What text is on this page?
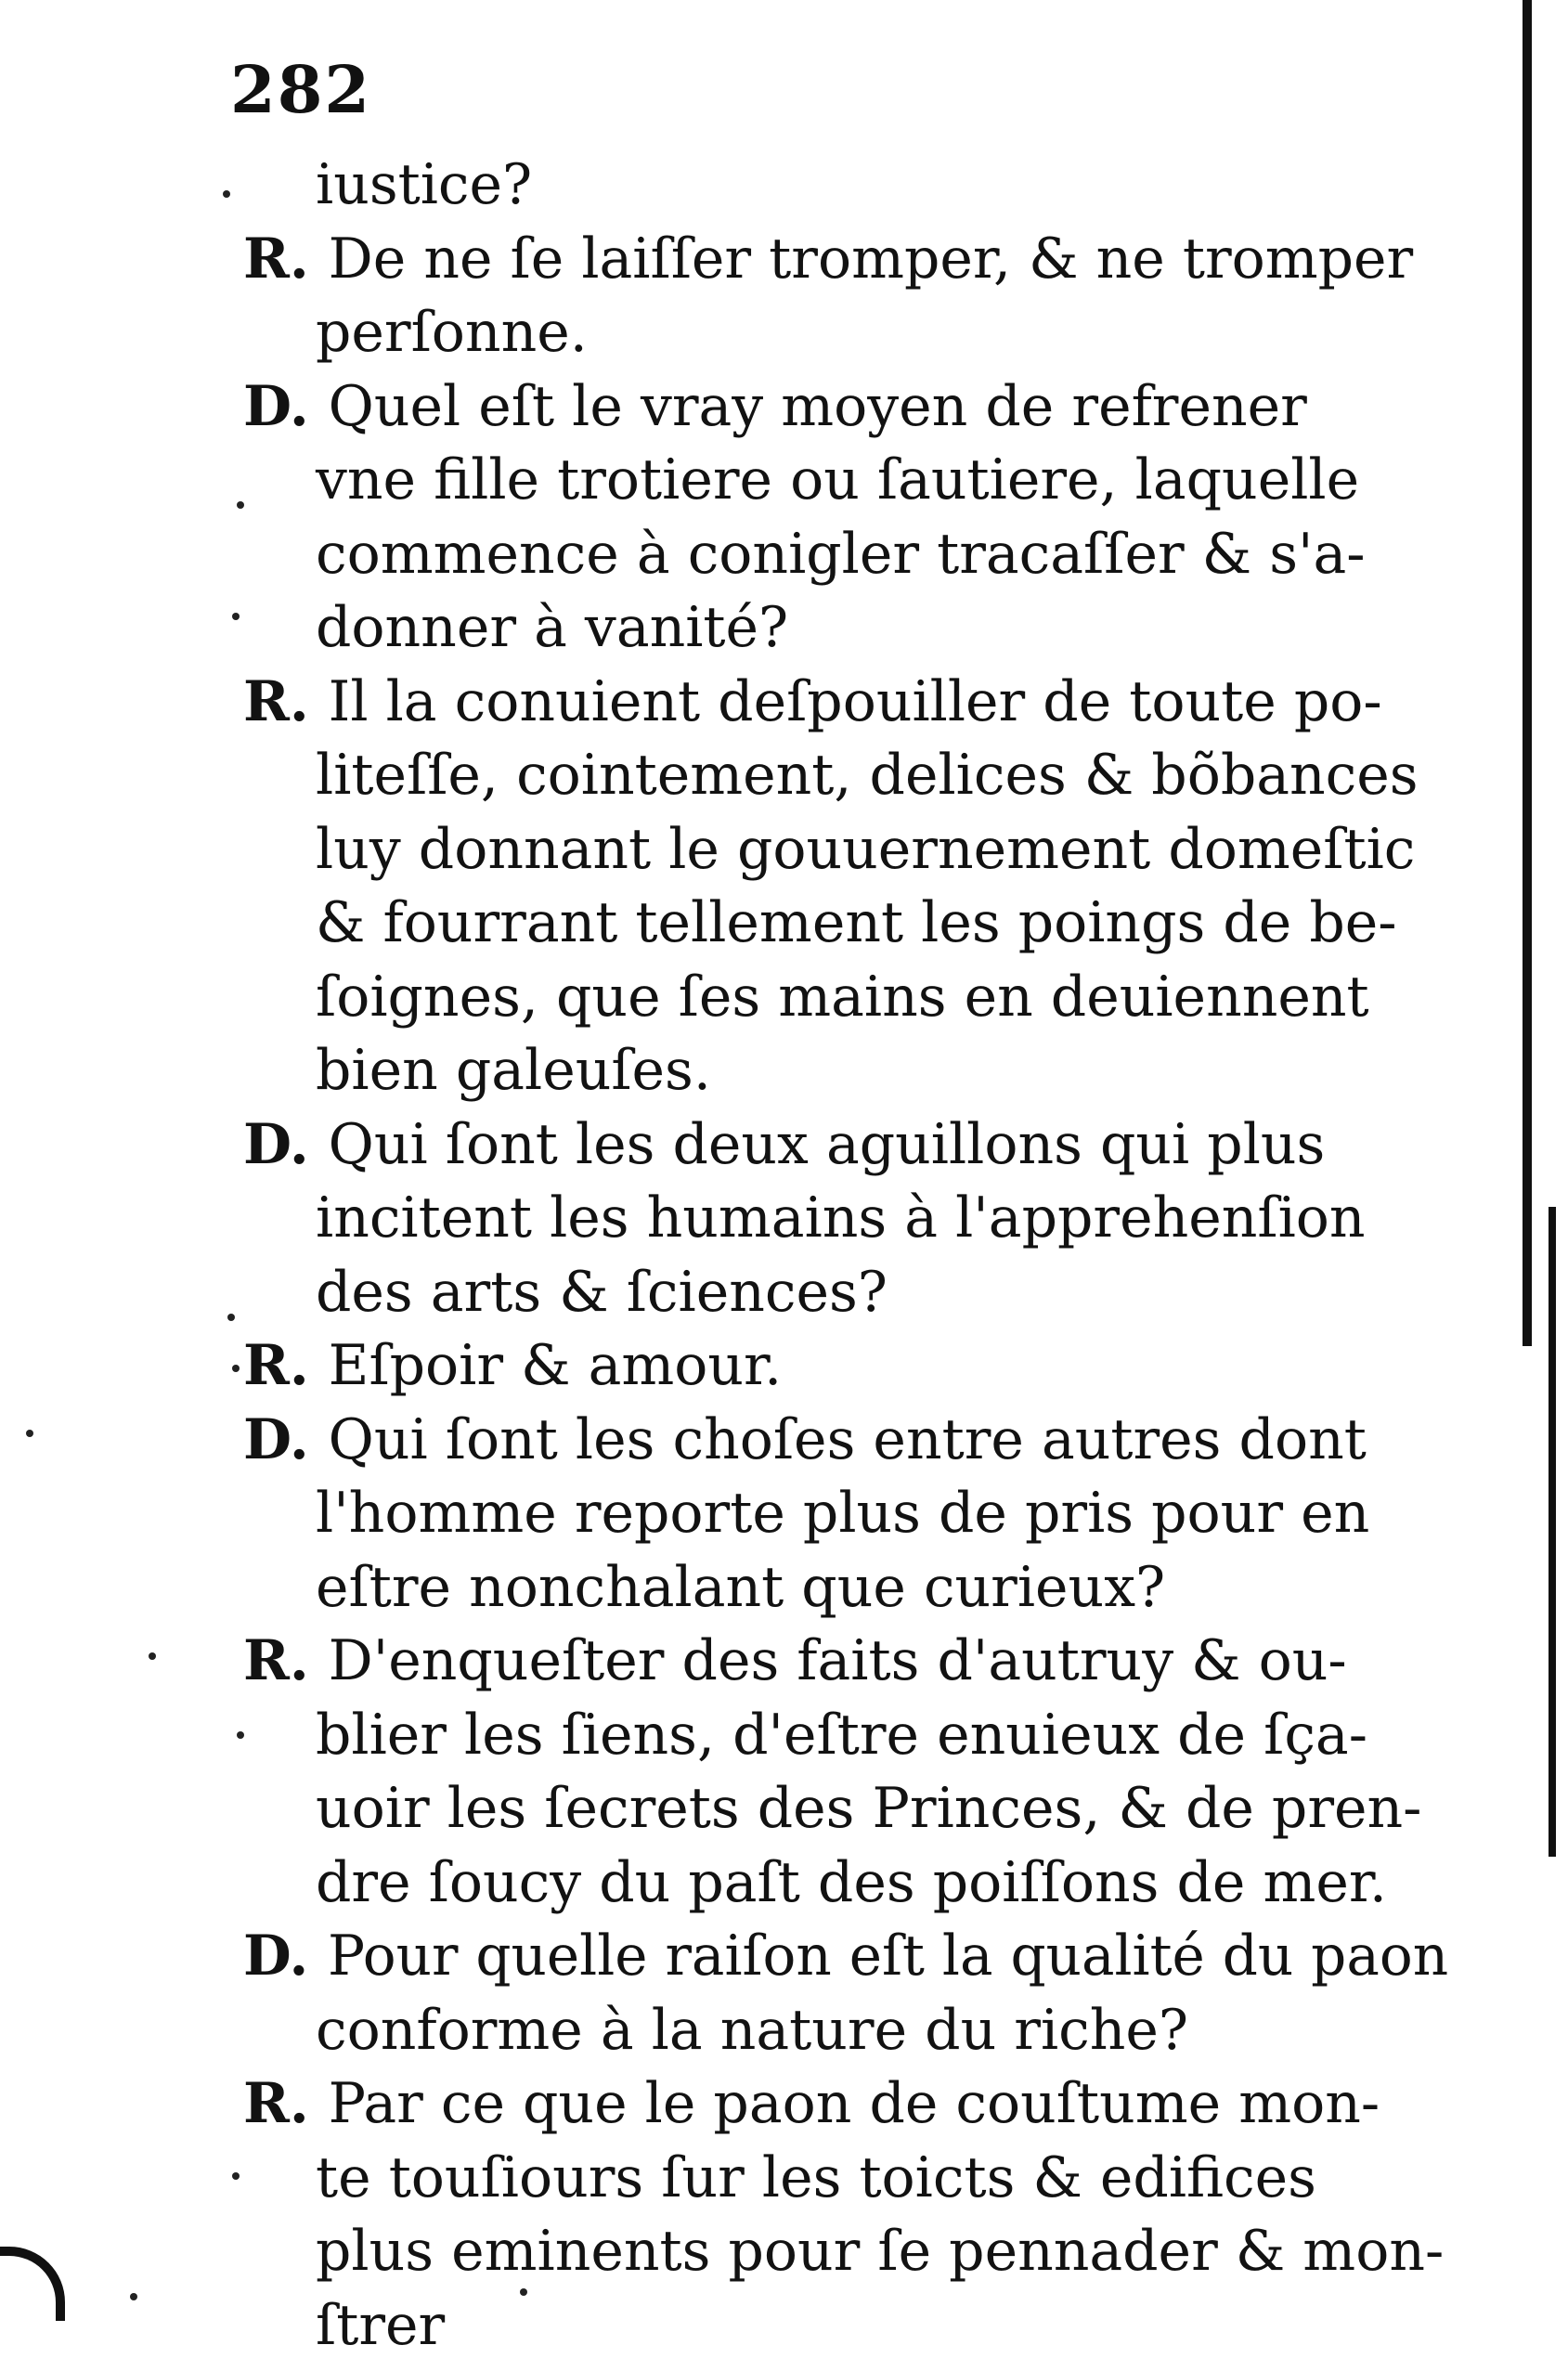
282
iustice?
R. De ne ſe laiſſer tromper, & ne tromper
perſonne.
D. Quel eſt le vray moyen de refrener
vne fille trotiere ou ſautiere, laquelle
commence à conigler tracaſſer & s'a-
donner à vanité?
R. Il la conuient deſpouiller de toute po-
liteſſe, cointement, delices & bõbances
luy donnant le gouuernement domeſtic
& fourrant tellement les poings de be-
ſoignes, que ſes mains en deuiennent
bien galeuſes.
D. Qui ſont les deux aguillons qui plus
incitent les humains à l'apprehenſion
des arts & ſciences?
R. Eſpoir & amour.
D. Qui ſont les choſes entre autres dont
l'homme reporte plus de pris pour en
eſtre nonchalant que curieux?
R. D'enqueſter des faits d'autruy & ou-
blier les ſiens, d'eſtre enuieux de ſça-
uoir les ſecrets des Princes, & de pren-
dre ſoucy du paſt des poiſſons de mer.
D. Pour quelle raiſon eſt la qualité du paon
conforme à la nature du riche?
R. Par ce que le paon de couſtume mon-
te touſiours ſur les toicts & edifices
plus eminents pour ſe pennader & mon-
ſtrer
